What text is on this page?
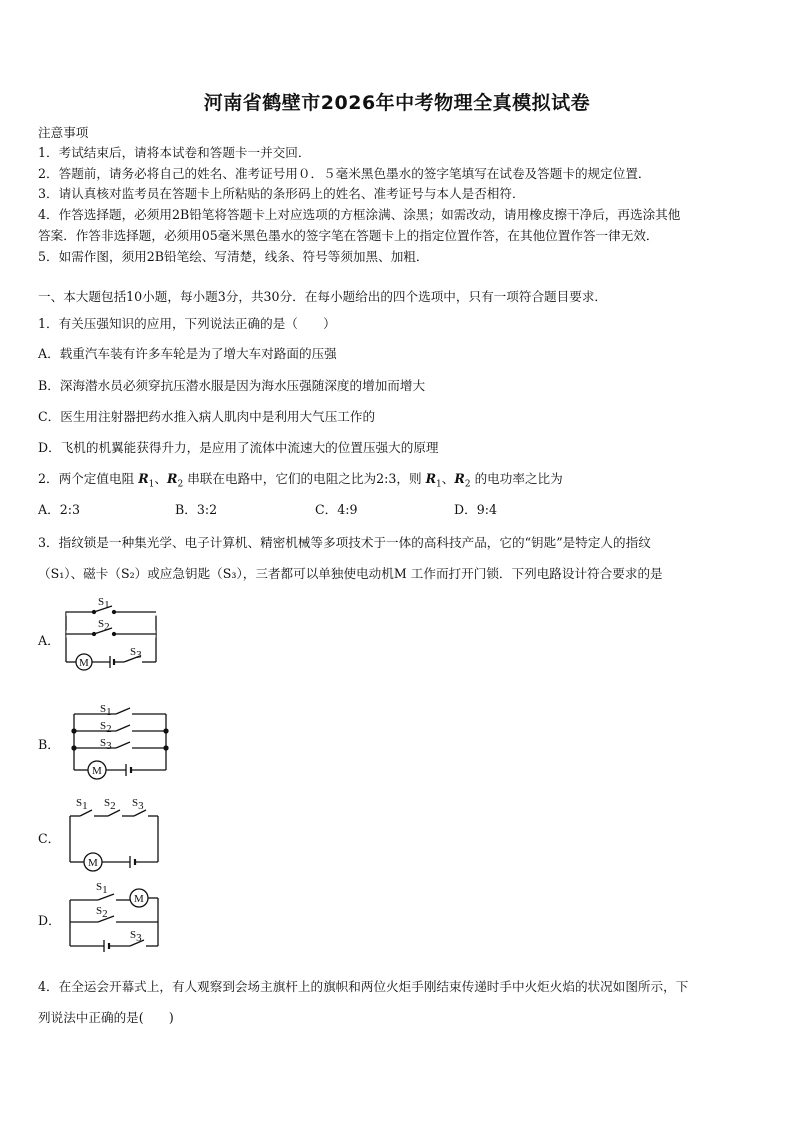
河南省鹤壁市2026年中考物理全真模拟试卷
注意事项
1．考试结束后，请将本试卷和答题卡一并交回．
2．答题前，请务必将自己的姓名、准考证号用０．５毫米黑色墨水的签字笔填写在试卷及答题卡的规定位置．
3．请认真核对监考员在答题卡上所粘贴的条形码上的姓名、准考证号与本人是否相符．
4．作答选择题，必须用2B铅笔将答题卡上对应选项的方框涂满、涂黑；如需改动，请用橡皮擦干净后，再选涂其他
答案．作答非选择题，必须用05毫米黑色墨水的签字笔在答题卡上的指定位置作答，在其他位置作答一律无效．
5．如需作图，须用2B铅笔绘、写清楚，线条、符号等须加黑、加粗．
一、本大题包括10小题，每小题3分，共30分．在每小题给出的四个选项中，只有一项符合题目要求．
1．有关压强知识的应用，下列说法正确的是（　　）
A．载重汽车装有许多车轮是为了增大车对路面的压强
B．深海潜水员必须穿抗压潜水服是因为海水压强随深度的增加而增大
C．医生用注射器把药水推入病人肌肉中是利用大气压工作的
D．飞机的机翼能获得升力，是应用了流体中流速大的位置压强大的原理
2．两个定值电阻 $R_1$、$R_2$ 串联在电路中，它们的电阻之比为2:3，则 $R_1$、$R_2$ 的电功率之比为
A．2:3	B．3:2	C．4:9	D．9:4
3．指纹锁是一种集光学、电子计算机、精密机械等多项技术于一体的高科技产品，它的“钥匙”是特定人的指纹
（S₁）、磁卡（S₂）或应急钥匙（S₃），三者都可以单独使电动机M 工作而打开门锁．下列电路设计符合要求的是
A．
S1
S2
S3
M
B．
S1
S2
S3
M
C．
S1 S2 S3
M
D．
S1
S2
S3
M
4．在全运会开幕式上，有人观察到会场主旗杆上的旗帜和两位火炬手刚结束传递时手中火炬火焰的状况如图所示，下
列说法中正确的是(　　)
